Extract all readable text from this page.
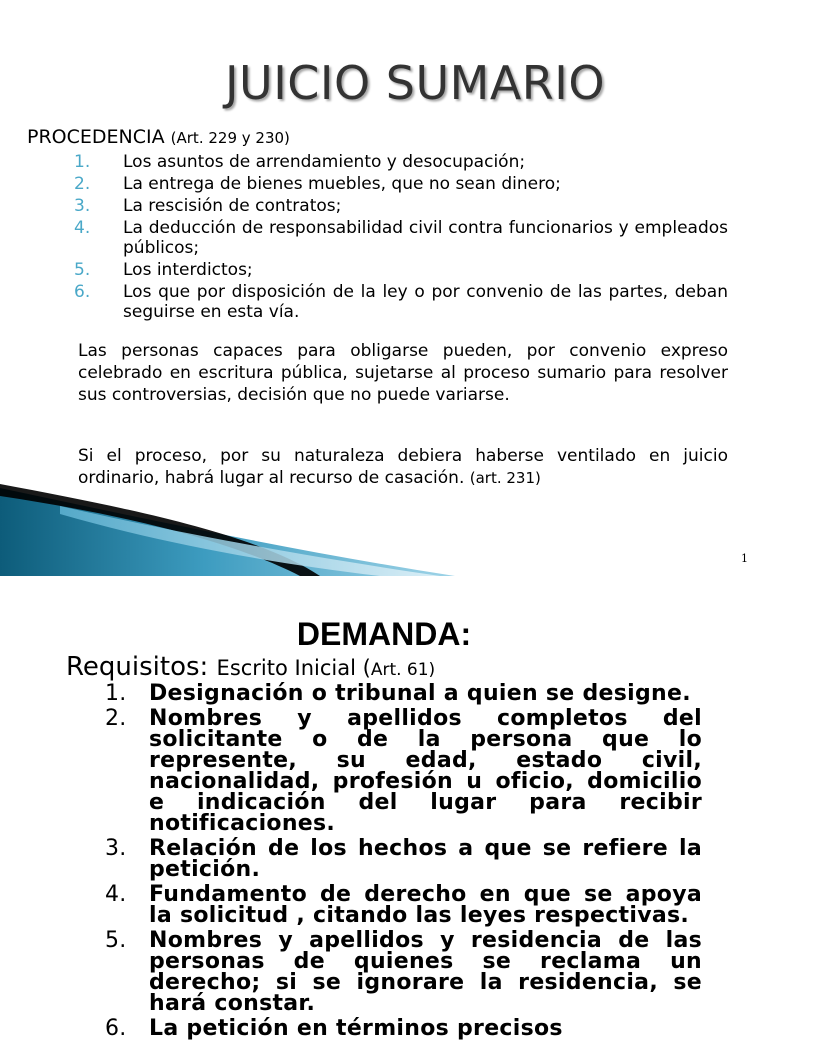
JUICIO SUMARIO
PROCEDENCIA (Art. 229 y 230)
1. Los asuntos de arrendamiento y desocupación;
2. La entrega de bienes muebles, que no sean dinero;
3. La rescisión de contratos;
4. La deducción de responsabilidad civil contra funcionarios y empleados públicos;
5. Los interdictos;
6. Los que por disposición de la ley o por convenio de las partes, deban seguirse en esta vía.

Las personas capaces para obligarse pueden, por convenio expreso celebrado en escritura pública, sujetarse al proceso sumario para resolver sus controversias, decisión que no puede variarse.

Si el proceso, por su naturaleza debiera haberse ventilado en juicio ordinario, habrá lugar al recurso de casación. (art. 231)

1
DEMANDA:
Requisitos: Escrito Inicial (Art. 61)
1. Designación o tribunal a quien se designe.
2. Nombres y apellidos completos del solicitante o de la persona que lo represente, su edad, estado civil, nacionalidad, profesión u oficio, domicilio e indicación del lugar para recibir notificaciones.
3. Relación de los hechos a que se refiere la petición.
4. Fundamento de derecho en que se apoya la solicitud , citando las leyes respectivas.
5. Nombres y apellidos y residencia de las personas de quienes se reclama un derecho; si se ignorare la residencia, se hará constar.
6. La petición en términos precisos
